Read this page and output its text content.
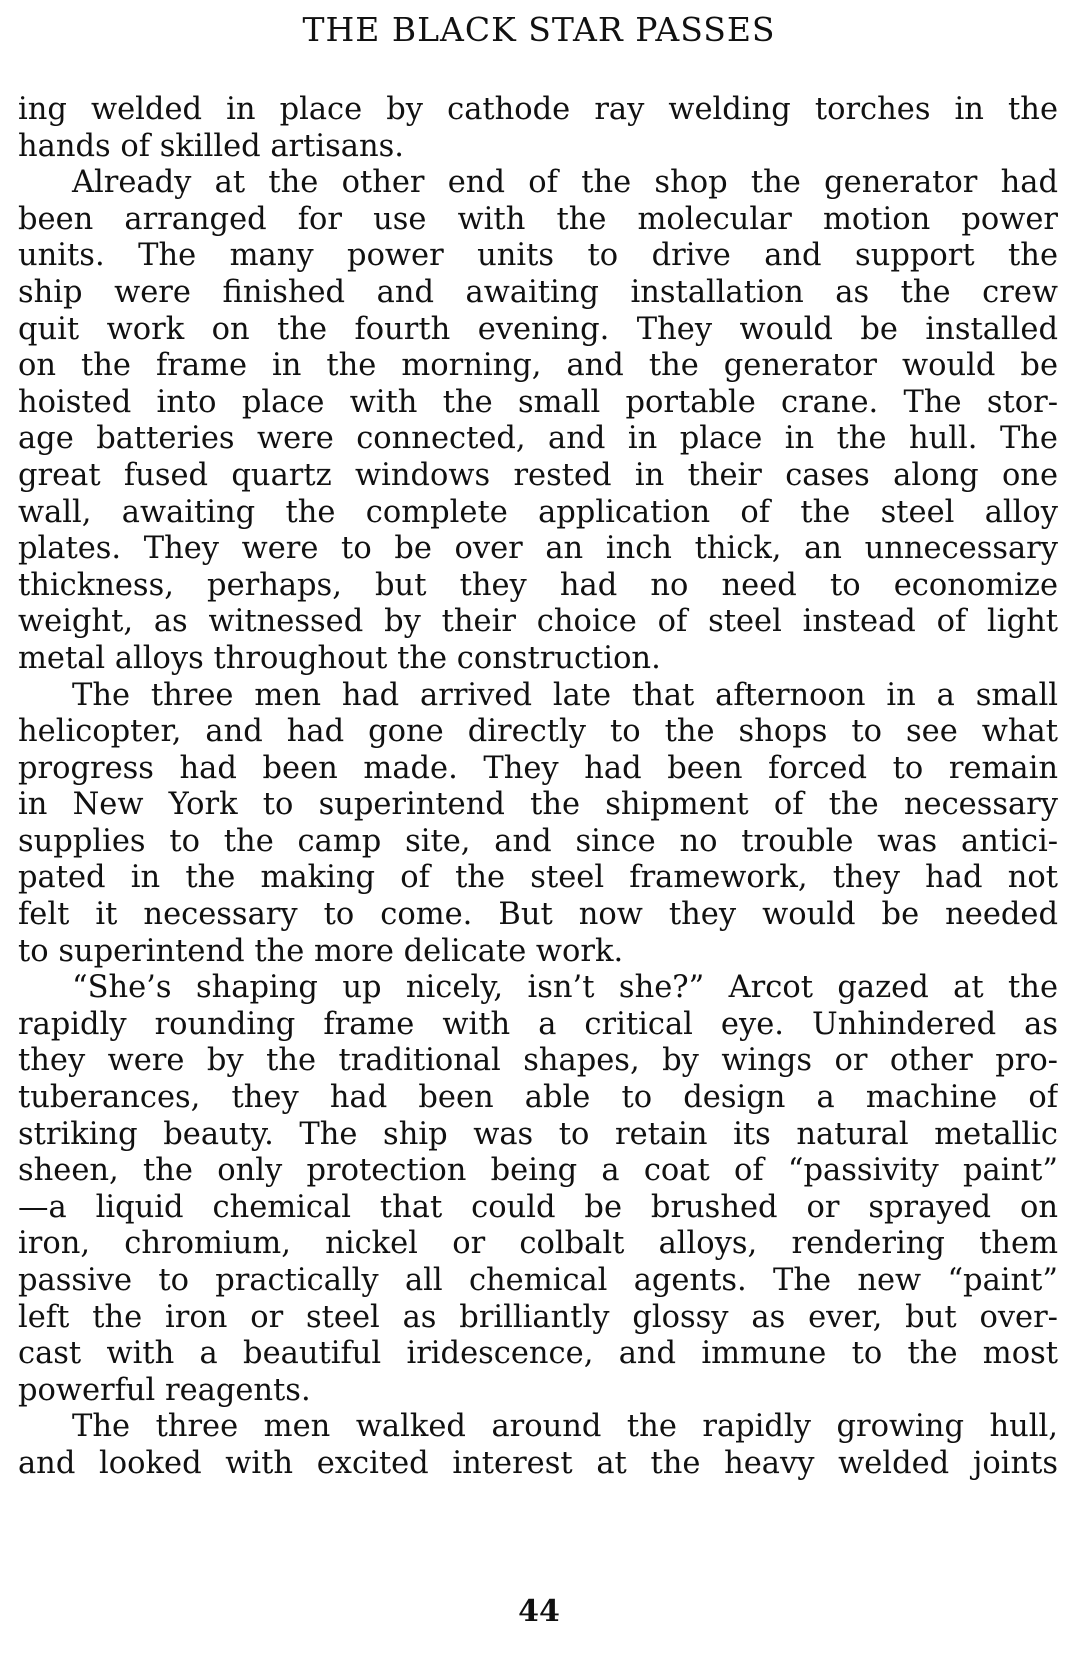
THE BLACK STAR PASSES
ing welded in place by cathode ray welding torches in the
hands of skilled artisans.
Already at the other end of the shop the generator had
been arranged for use with the molecular motion power
units. The many power units to drive and support the
ship were finished and awaiting installation as the crew
quit work on the fourth evening. They would be installed
on the frame in the morning, and the generator would be
hoisted into place with the small portable crane. The stor-
age batteries were connected, and in place in the hull. The
great fused quartz windows rested in their cases along one
wall, awaiting the complete application of the steel alloy
plates. They were to be over an inch thick, an unnecessary
thickness, perhaps, but they had no need to economize
weight, as witnessed by their choice of steel instead of light
metal alloys throughout the construction.
The three men had arrived late that afternoon in a small
helicopter, and had gone directly to the shops to see what
progress had been made. They had been forced to remain
in New York to superintend the shipment of the necessary
supplies to the camp site, and since no trouble was antici-
pated in the making of the steel framework, they had not
felt it necessary to come. But now they would be needed
to superintend the more delicate work.
“She’s shaping up nicely, isn’t she?” Arcot gazed at the
rapidly rounding frame with a critical eye. Unhindered as
they were by the traditional shapes, by wings or other pro-
tuberances, they had been able to design a machine of
striking beauty. The ship was to retain its natural metallic
sheen, the only protection being a coat of “passivity paint”
—a liquid chemical that could be brushed or sprayed on
iron, chromium, nickel or colbalt alloys, rendering them
passive to practically all chemical agents. The new “paint”
left the iron or steel as brilliantly glossy as ever, but over-
cast with a beautiful iridescence, and immune to the most
powerful reagents.
The three men walked around the rapidly growing hull,
and looked with excited interest at the heavy welded joints
44
